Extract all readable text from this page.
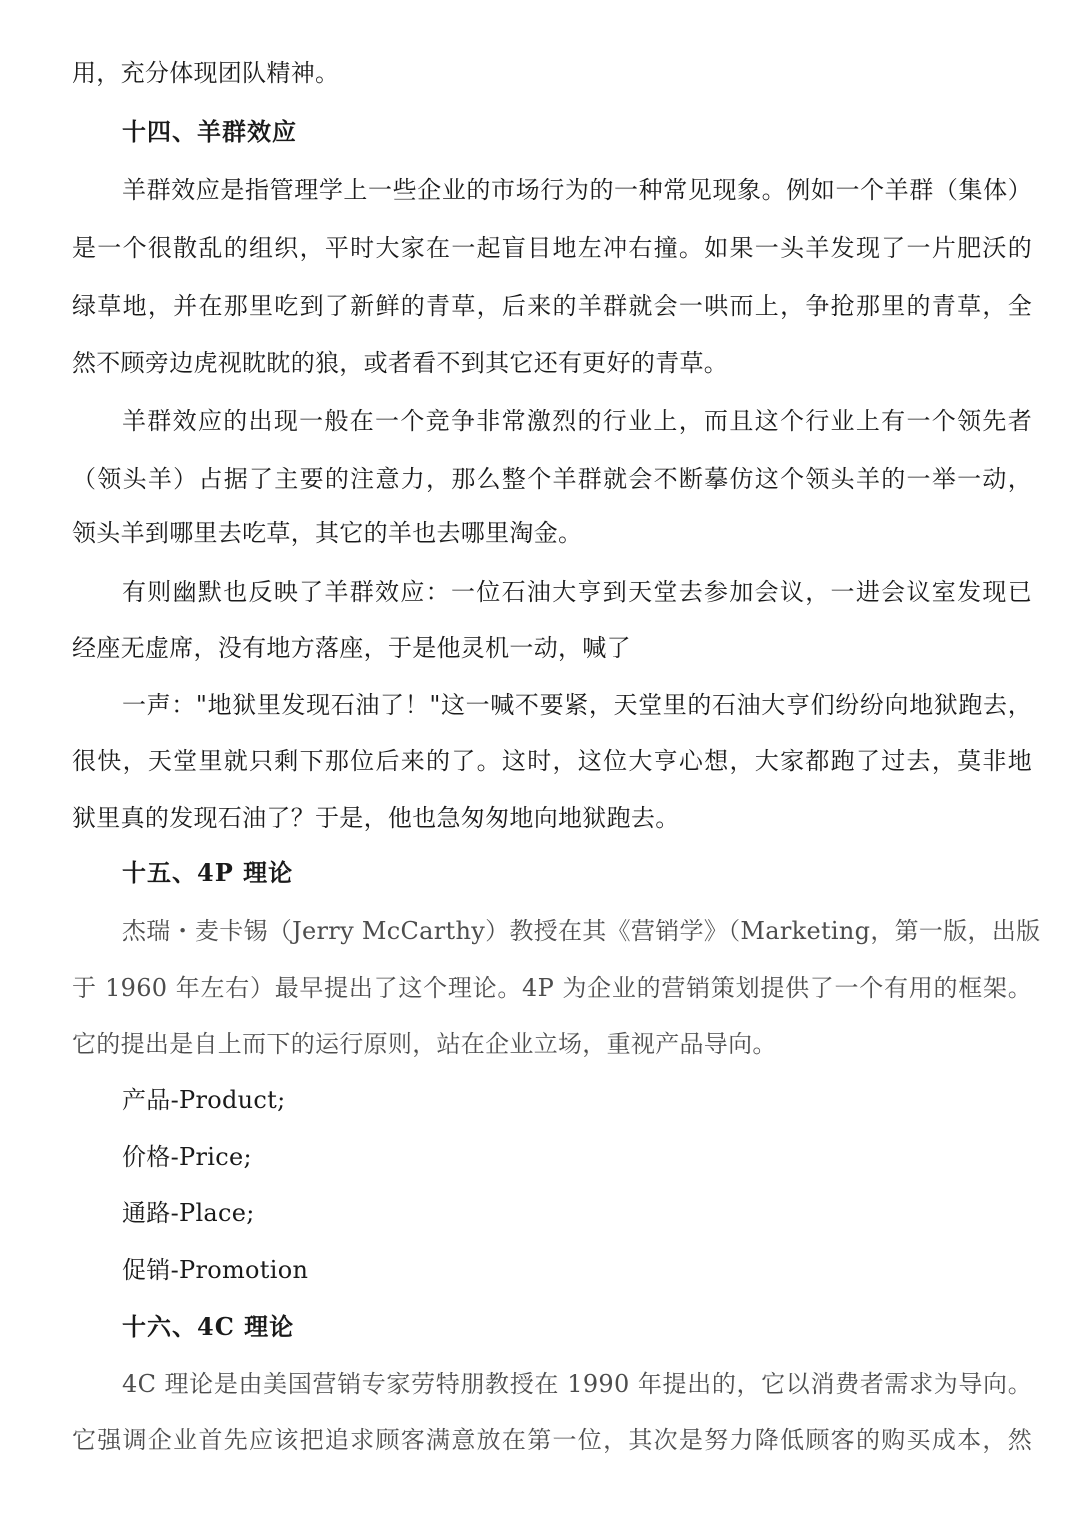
用，充分体现团队精神。
十四、羊群效应
羊群效应是指管理学上一些企业的市场行为的一种常见现象。例如一个羊群（集体）
是一个很散乱的组织，平时大家在一起盲目地左冲右撞。如果一头羊发现了一片肥沃的
绿草地，并在那里吃到了新鲜的青草，后来的羊群就会一哄而上，争抢那里的青草，全
然不顾旁边虎视眈眈的狼，或者看不到其它还有更好的青草。
羊群效应的出现一般在一个竞争非常激烈的行业上，而且这个行业上有一个领先者
（领头羊）占据了主要的注意力，那么整个羊群就会不断摹仿这个领头羊的一举一动，
领头羊到哪里去吃草，其它的羊也去哪里淘金。
有则幽默也反映了羊群效应：一位石油大亨到天堂去参加会议，一进会议室发现已
经座无虚席，没有地方落座，于是他灵机一动，喊了
一声："地狱里发现石油了！"这一喊不要紧，天堂里的石油大亨们纷纷向地狱跑去，
很快，天堂里就只剩下那位后来的了。这时，这位大亨心想，大家都跑了过去，莫非地
狱里真的发现石油了？于是，他也急匆匆地向地狱跑去。
十五、4P 理论
杰瑞・麦卡锡（Jerry McCarthy）教授在其《营销学》（Marketing，第一版，出版
于 1960 年左右）最早提出了这个理论。4P 为企业的营销策划提供了一个有用的框架。
它的提出是自上而下的运行原则，站在企业立场，重视产品导向。
产品-Product;
价格-Price;
通路-Place;
促销-Promotion
十六、4C 理论
4C 理论是由美国营销专家劳特朋教授在 1990 年提出的，它以消费者需求为导向。
它强调企业首先应该把追求顾客满意放在第一位，其次是努力降低顾客的购买成本，然
